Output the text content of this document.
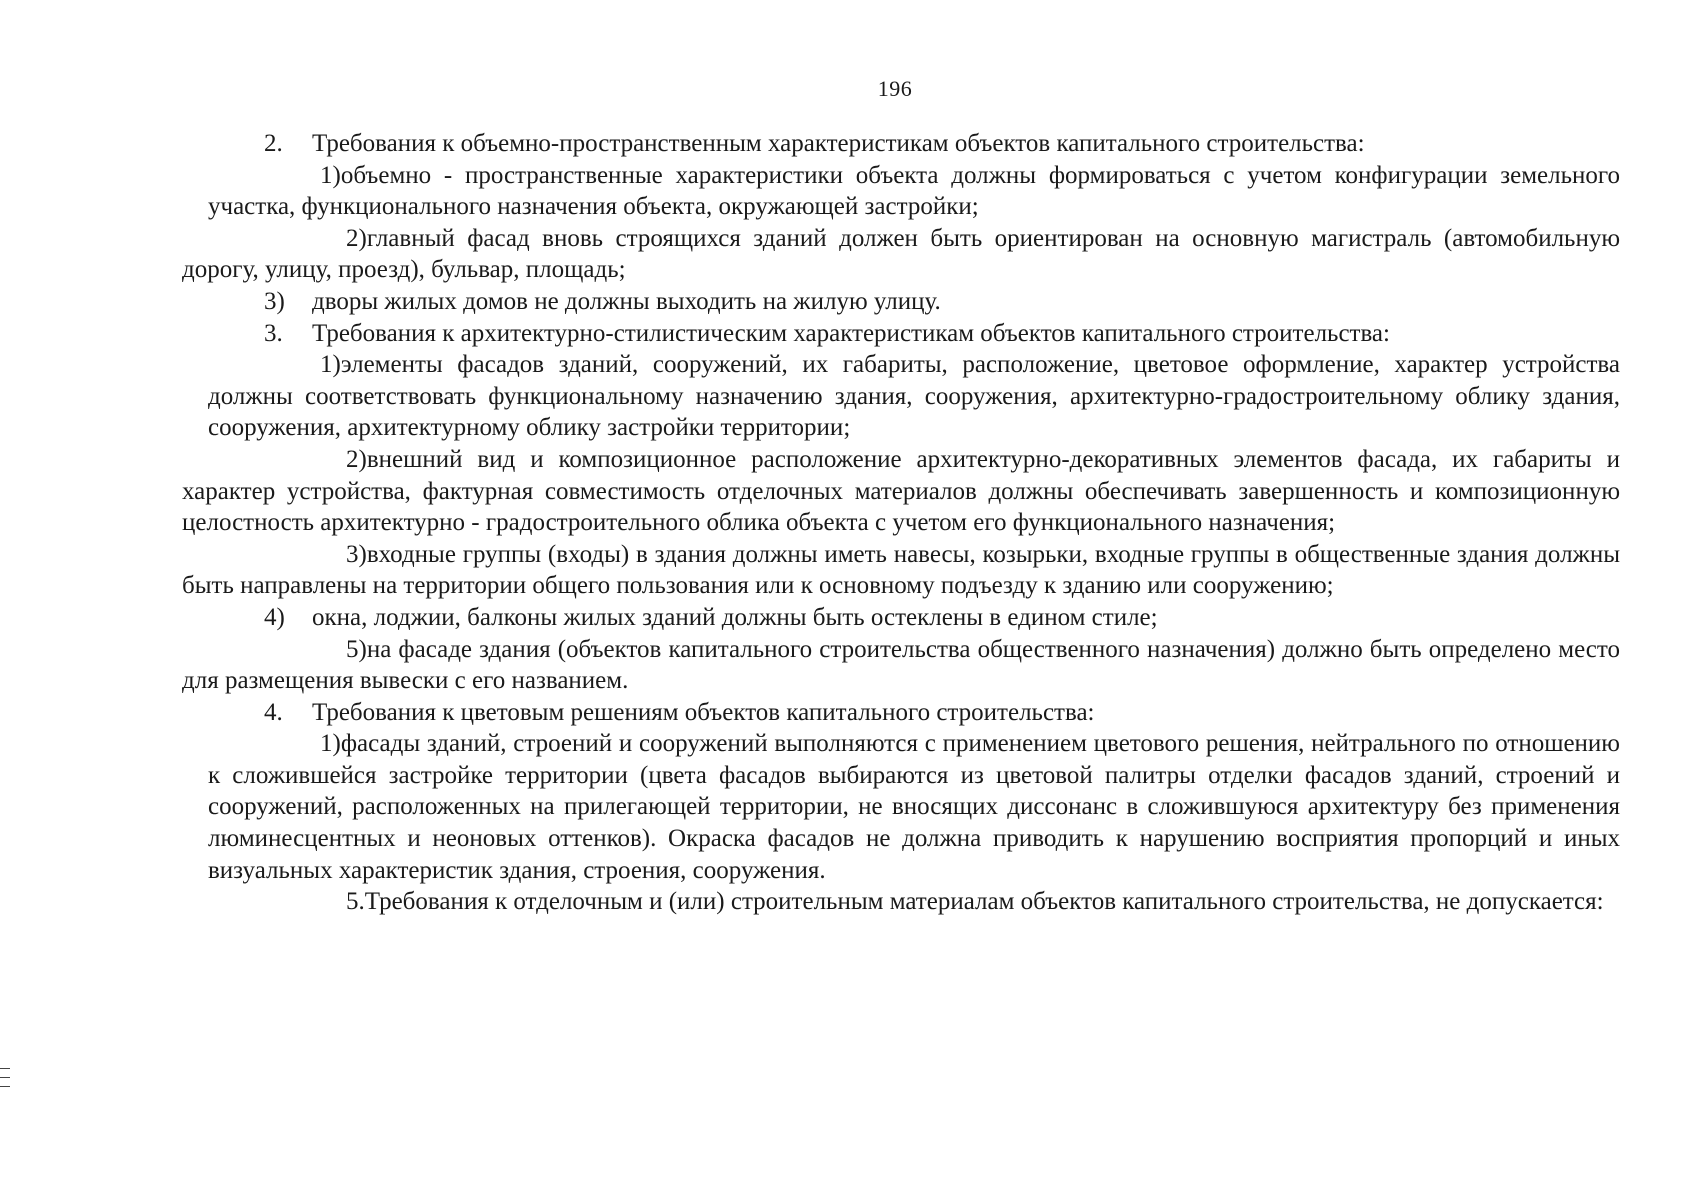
196

2. Требования к объемно-пространственным характеристикам объектов капитального строительства:

1)объемно - пространственные характеристики объекта должны формироваться с учетом конфигурации земельного участка, функционального назначения объекта, окружающей застройки;

2)главный фасад вновь строящихся зданий должен быть ориентирован на основную магистраль (автомобильную дорогу, улицу, проезд), бульвар, площадь;

3) дворы жилых домов не должны выходить на жилую улицу.

3. Требования к архитектурно-стилистическим характеристикам объектов капитального строительства:

1)элементы фасадов зданий, сооружений, их габариты, расположение, цветовое оформление, характер устройства должны соответствовать функциональному назначению здания, сооружения, архитектурно-градостроительному облику здания, сооружения, архитектурному облику застройки территории;

2)внешний вид и композиционное расположение архитектурно-декоративных элементов фасада, их габариты и характер устройства, фактурная совместимость отделочных материалов должны обеспечивать завершенность и композиционную целостность архитектурно - градостроительного облика объекта с учетом его функционального назначения;

3)входные группы (входы) в здания должны иметь навесы, козырьки, входные группы в общественные здания должны быть направлены на территории общего пользования или к основному подъезду к зданию или сооружению;

4) окна, лоджии, балконы жилых зданий должны быть остеклены в едином стиле;

5)на фасаде здания (объектов капитального строительства общественного назначения) должно быть определено место для размещения вывески с его названием.

4. Требования к цветовым решениям объектов капитального строительства:

1)фасады зданий, строений и сооружений выполняются с применением цветового решения, нейтрального по отношению к сложившейся застройке территории (цвета фасадов выбираются из цветовой палитры отделки фасадов зданий, строений и сооружений, расположенных на прилегающей территории, не вносящих диссонанс в сложившуюся архитектуру без применения люминесцентных и неоновых оттенков). Окраска фасадов не должна приводить к нарушению восприятия пропорций и иных визуальных характеристик здания, строения, сооружения.

5.Требования к отделочным и (или) строительным материалам объектов капитального строительства, не допускается:
